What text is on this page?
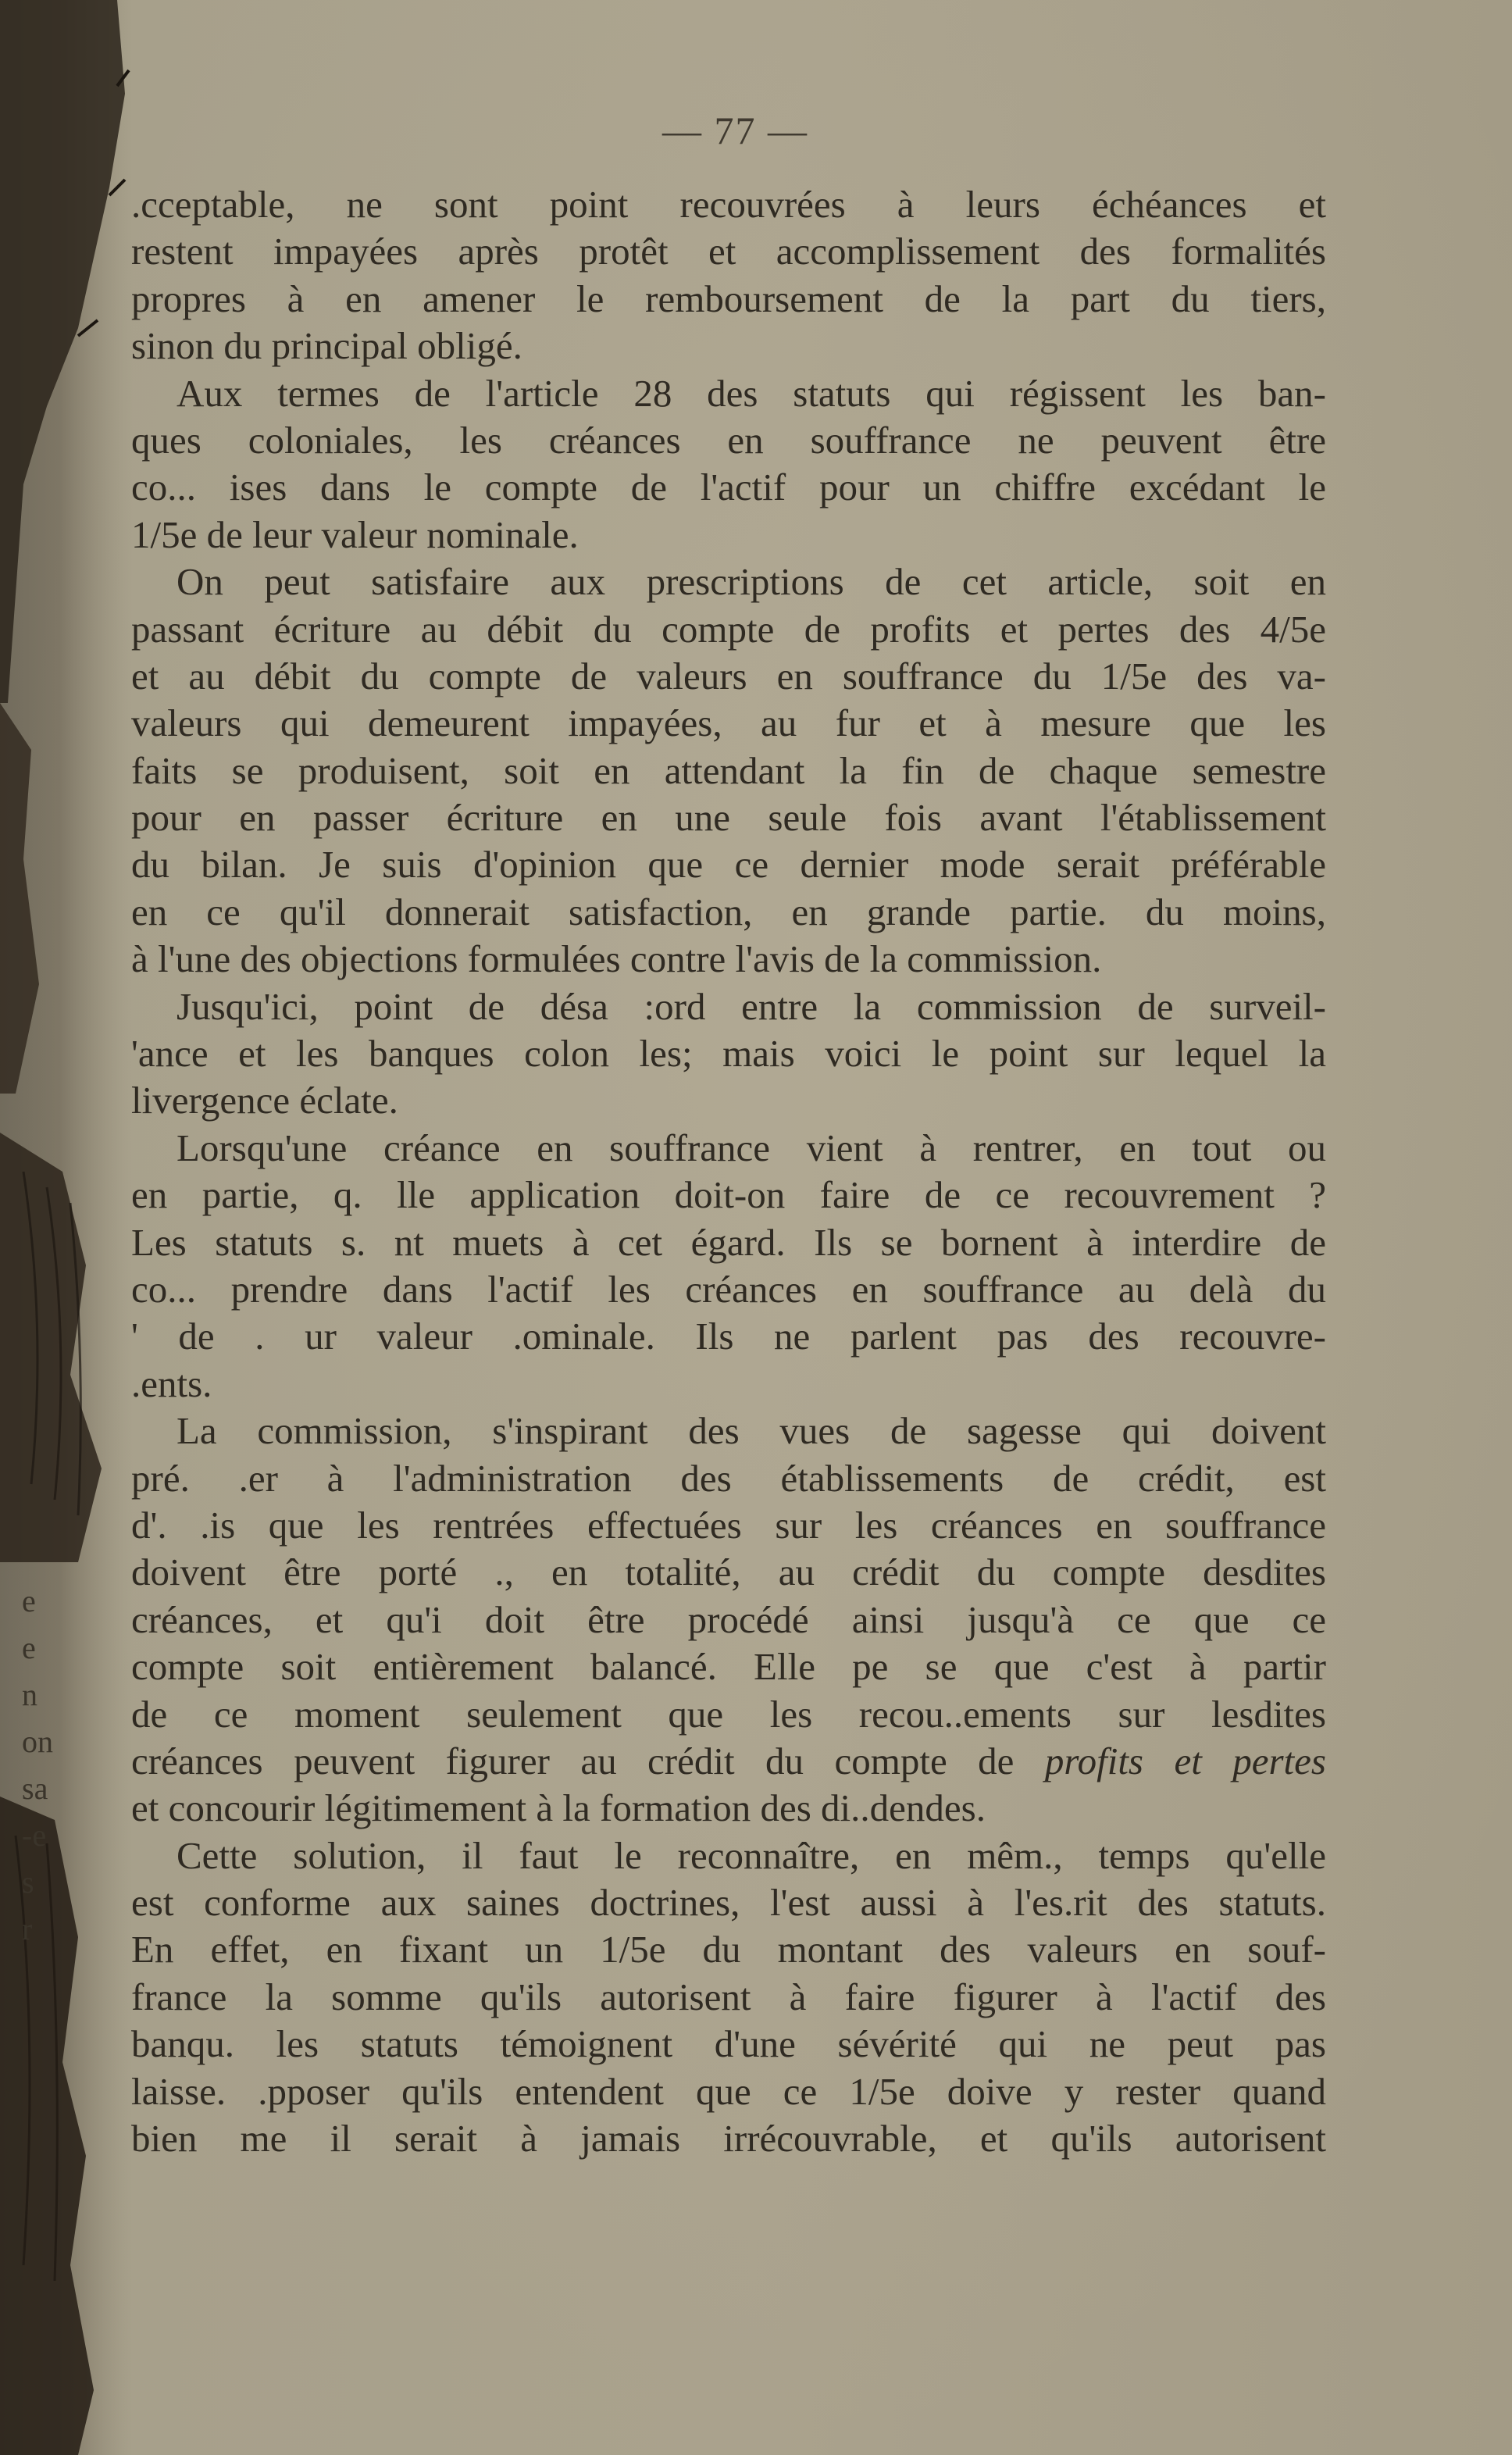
e
e
n
on
sa
-e
s
r
— 77 —
.cceptable, ne sont point recouvrées à leurs échéances et
restent impayées après protêt et accomplissement des formalités
propres à en amener le remboursement de la part du tiers,
sinon du principal obligé.
Aux termes de l'article 28 des statuts qui régissent les ban-
ques coloniales, les créances en souffrance ne peuvent être
co... ises dans le compte de l'actif pour un chiffre excédant le
1/5e de leur valeur nominale.
On peut satisfaire aux prescriptions de cet article, soit en
passant écriture au débit du compte de profits et pertes des 4/5e
et au débit du compte de valeurs en souffrance du 1/5e des va-
valeurs qui demeurent impayées, au fur et à mesure que les
faits se produisent, soit en attendant la fin de chaque semestre
pour en passer écriture en une seule fois avant l'établissement
du bilan. Je suis d'opinion que ce dernier mode serait préférable
en ce qu'il donnerait satisfaction, en grande partie. du moins,
à l'une des objections formulées contre l'avis de la commission.
Jusqu'ici, point de désa :ord entre la commission de surveil-
'ance et les banques colon les; mais voici le point sur lequel la
livergence éclate.
Lorsqu'une créance en souffrance vient à rentrer, en tout ou
en partie, q. lle application doit-on faire de ce recouvrement ?
Les statuts s. nt muets à cet égard. Ils se bornent à interdire de
co... prendre dans l'actif les créances en souffrance au delà du
' de . ur valeur .ominale. Ils ne parlent pas des recouvre-
.ents.
La commission, s'inspirant des vues de sagesse qui doivent
pré. .er à l'administration des établissements de crédit, est
d'. .is que les rentrées effectuées sur les créances en souffrance
doivent être porté ., en totalité, au crédit du compte desdites
créances, et qu'i doit être procédé ainsi jusqu'à ce que ce
compte soit entièrement balancé. Elle pe se que c'est à partir
de ce moment seulement que les recou..ements sur lesdites
créances peuvent figurer au crédit du compte de profits et pertes
et concourir légitimement à la formation des di..dendes.
Cette solution, il faut le reconnaître, en mêm., temps qu'elle
est conforme aux saines doctrines, l'est aussi à l'es.rit des statuts.
En effet, en fixant un 1/5e du montant des valeurs en souf-
france la somme qu'ils autorisent à faire figurer à l'actif des
banqu. les statuts témoignent d'une sévérité qui ne peut pas
laisse. .pposer qu'ils entendent que ce 1/5e doive y rester quand
bien me il serait à jamais irrécouvrable, et qu'ils autorisent
